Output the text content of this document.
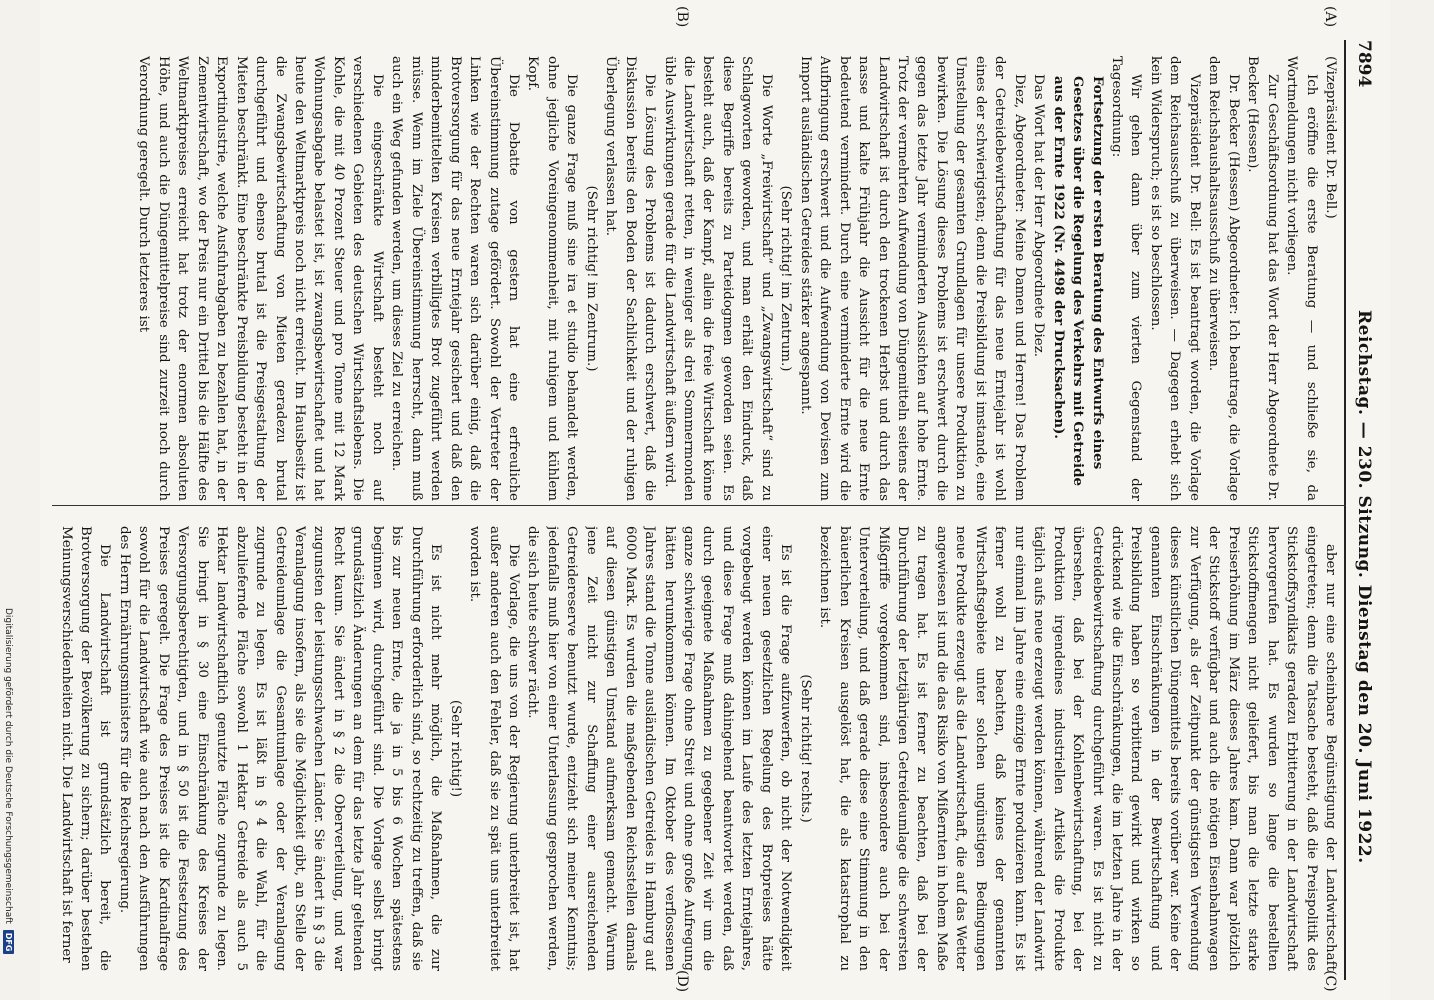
7894
Reichstag. — 230. Sitzung. Dienstag den 20. Juni 1922.
(A)
(B)
(C)
(D)

(Vizepräsident Dr. Bell.)

Ich eröffne die erste Beratung — und schließe sie, da Wortmeldungen nicht vorliegen.

Zur Geschäftsordnung hat das Wort der Herr Abgeordnete Dr. Becker (Hessen).

Dr. Becker (Hessen) Abgeordneter: Ich beantrage, die Vorlage dem Reichshaushaltsausschuß zu überweisen.

Vizepräsident Dr. Bell: Es ist beantragt worden, die Vorlage dem Reichsausschuß zu überweisen. — Dagegen erhebt sich kein Widerspruch; es ist so beschlossen.

Wir gehen dann über zum vierten Gegenstand der Tagesordnung:

Fortsetzung der ersten Beratung des Entwurfs eines Gesetzes über die Regelung des Verkehrs mit Getreide aus der Ernte 1922 (Nr. 4498 der Drucksachen).

Das Wort hat der Herr Abgeordnete Diez.

Diez, Abgeordneter: Meine Damen und Herren! Das Problem der Getreidebewirtschaftung für das neue Erntejahr ist wohl eines der schwierigsten; denn die Preisbildung ist imstande, eine Umstellung der gesamten Grundlagen für unsere Produktion zu bewirken. Die Lösung dieses Problems ist erschwert durch die gegen das letzte Jahr verminderten Aussichten auf hohe Ernte. Trotz der vermehrten Aufwendung von Düngemitteln seitens der Landwirtschaft ist durch den trockenen Herbst und durch das nasse und kalte Frühjahr die Aussicht für die neue Ernte bedeutend vermindert. Durch eine verminderte Ernte wird die Aufbringung erschwert und die Aufwendung von Devisen zum Import ausländischen Getreides stärker angespannt.

(Sehr richtig! im Zentrum.)

Die Worte „Freiwirtschaft“ und „Zwangswirtschaft“ sind zu Schlagworten geworden, und man erhält den Eindruck, daß diese Begriffe bereits zu Parteidogmen geworden seien. Es besteht auch, daß der Kampf, allein die freie Wirtschaft könne die Landwirtschaft retten, in weniger als drei Sommermonden üble Auswirkungen gerade für die Landwirtschaft äußern wird.

Die Lösung des Problems ist dadurch erschwert, daß die Diskussion bereits den Boden der Sachlichkeit und der ruhigen Überlegung verlassen hat.

(Sehr richtig! im Zentrum.)

Die ganze Frage muß sine ira et studio behandelt werden, ohne jegliche Voreingenommenheit, mit ruhigem und kühlem Kopf.

Die Debatte von gestern hat eine erfreuliche Übereinstimmung zutage gefördert. Sowohl der Vertreter der Linken wie der Rechten waren sich darüber einig, daß die Brotversorgung für das neue Erntejahr gesichert und daß den minderbemittelten Kreisen verbilligtes Brot zugeführt werden müsse. Wenn im Ziele Übereinstimmung herrscht, dann muß auch ein Weg gefunden werden, um dieses Ziel zu erreichen.

Die eingeschränkte Wirtschaft besteht noch auf verschiedenen Gebieten des deutschen Wirtschaftslebens. Die Kohle, die mit 40 Prozent Steuer und pro Tonne mit 12 Mark Wohnungsabgabe belastet ist, ist zwangsbewirtschaftet und hat heute den Weltmarktpreis noch nicht erreicht. Im Hausbesitz ist die Zwangsbewirtschaftung von Mieten geradezu brutal durchgeführt und ebenso brutal ist die Preisgestaltung der Mieten beschränkt. Eine beschränkte Preisbildung besteht in der Exportindustrie, welche Ausfuhrabgaben zu bezahlen hat, in der Zementwirtschaft, wo der Preis nur ein Drittel bis die Hälfte des Weltmarktpreises erreicht hat trotz der enormen absoluten Höhe, und auch die Düngemittelpreise sind zurzeit noch durch Verordnung geregelt. Durch letzteres ist

aber nur eine scheinbare Begünstigung der Landwirtschaft eingetreten; denn die Tatsache besteht, daß die Preispolitik des Stickstoffsyndikats geradezu Erbitterung in der Landwirtschaft hervorgerufen hat. Es wurden so lange die bestellten Stickstoffmengen nicht geliefert, bis man die letzte starke Preiserhöhung im März dieses Jahres kam. Dann war plötzlich der Stickstoff verfügbar und auch die nötigen Eisenbahnwagen zur Verfügung, als der Zeitpunkt der günstigsten Verwendung dieses künstlichen Düngemittels bereits vorüber war. Keine der genannten Einschränkungen in der Bewirtschaftung und Preisbildung haben so verbitternd gewirkt und wirken so drückend wie die Einschränkungen, die im letzten Jahre in der Getreidebewirtschaftung durchgeführt waren. Es ist nicht zu übersehen, daß bei der Kohlenbewirtschaftung, bei der Produktion irgendeines industriellen Artikels die Produkte täglich aufs neue erzeugt werden können, während der Landwirt nur einmal im Jahre eine einzige Ernte produzieren kann. Es ist ferner wohl zu beachten, daß keines der genannten Wirtschaftsgebiete unter solchen ungünstigen Bedingungen neue Produkte erzeugt als die Landwirtschaft, die auf das Wetter angewiesen ist und die das Risiko von Mißernten in hohem Maße zu tragen hat. Es ist ferner zu beachten, daß bei der Durchführung der letztjährigen Getreideumlage die schwersten Mißgriffe vorgekommen sind, insbesondere auch bei der Unterverteilung, und daß gerade diese eine Stimmung in den bäuerlichen Kreisen ausgelöst hat, die als katastrophal zu bezeichnen ist.

(Sehr richtig! rechts.)

Es ist die Frage aufzuwerfen, ob nicht der Notwendigkeit einer neuen gesetzlichen Regelung des Brotpreises hätte vorgebeugt werden können im Laufe des letzten Erntejahres, und diese Frage muß dahingehend beantwortet werden, daß durch geeignete Maßnahmen zu gegebener Zeit wir um die ganze schwierige Frage ohne Streit und ohne große Aufregung hätten herumkommen können. Im Oktober des verflossenen Jahres stand die Tonne ausländischen Getreides in Hamburg auf 6000 Mark. Es wurden die maßgebenden Reichsstellen damals auf diesen günstigen Umstand aufmerksam gemacht. Warum jene Zeit nicht zur Schaffung einer ausreichenden Getreidereserve benutzt wurde, entzieht sich meiner Kenntnis; jedenfalls muß hier von einer Unterlassung gesprochen werden, die sich heute schwer rächt.

Die Vorlage, die uns von der Regierung unterbreitet ist, hat außer anderen auch den Fehler, daß sie zu spät uns unterbreitet worden ist.

(Sehr richtig!)

Es ist nicht mehr möglich, die Maßnahmen, die zur Durchführung erforderlich sind, so rechtzeitig zu treffen, daß sie bis zur neuen Ernte, die ja in 5 bis 6 Wochen spätestens beginnen wird, durchgeführt sind. Die Vorlage selbst bringt grundsätzlich Änderungen an dem für das letzte Jahr geltenden Recht kaum. Sie ändert in § 2 die Oberverteilung, und war zugunsten der leistungsschwachen Länder. Sie ändert in § 3 die Veranlagung insofern, als sie die Möglichkeit gibt, an Stelle der Getreideumlage die Gesamtumlage oder der Veranlagung zugrunde zu legen. Es ist läßt in § 4 die Wahl, für die abzuliefernde Fläche sowohl 1 Hektar Getreide als auch 5 Hektar landwirtschaftlich genutzte Fläche zugrunde zu legen. Sie bringt in § 30 eine Einschränkung des Kreises der Versorgungsberechtigten, und in § 50 ist die Festsetzung des Preises geregelt. Die Frage des Preises ist die Kardinalfrage sowohl für die Landwirtschaft wie auch nach den Ausführungen des Herrn Ernährungsministers für die Reichsregierung.

Die Landwirtschaft ist grundsätzlich bereit, die Brotversorgung der Bevölkerung zu sichern; darüber bestehen Meinungsverschiedenheiten nicht. Die Landwirtschaft ist ferner

Digitalisierung gefördert durch die Deutsche Forschungsgemeinschaft
DFG
